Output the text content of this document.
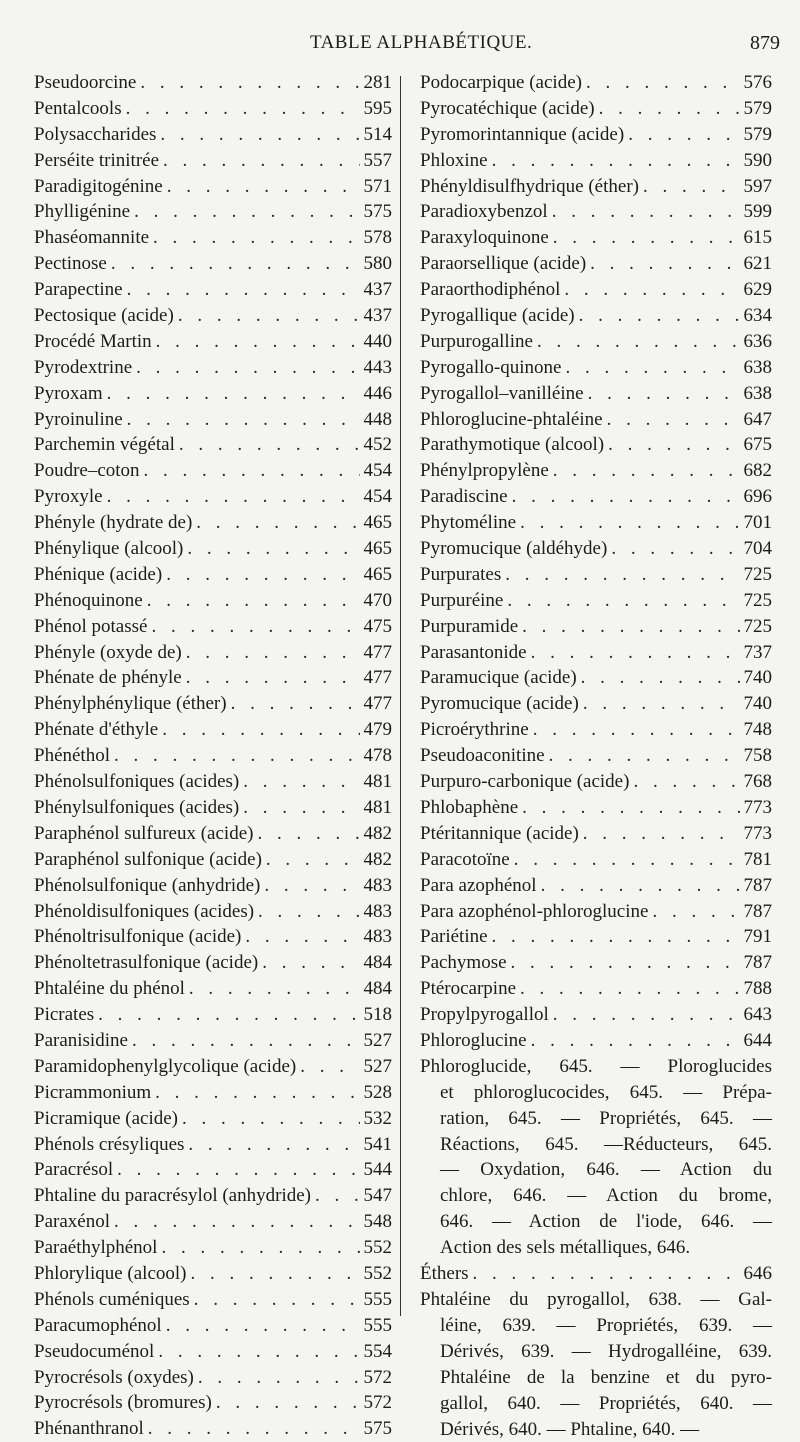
TABLE ALPHABÉTIQUE.	879
Pseudoorcine . . .	281
Pentalcools . . .	595
Polysaccharides . . .	514
Perséite trinitrée . . .	557
Paradigitogénine . . .	571
Phylligénine . . .	575
Phaséomannite . . .	578
Pectinose . . .	580
Parapectine . . .	437
Pectosique (acide) . . .	437
Procédé Martin . . .	440
Pyrodextrine . . .	443
Pyroxam . . .	446
Pyroinuline . . .	448
Parchemin végétal . . .	452
Poudre–coton . . .	454
Pyroxyle . . .	454
Phényle (hydrate de) . . .	465
Phénylique (alcool) . . .	465
Phénique (acide) . . .	465
Phénoquinone . . .	470
Phénol potassé . . .	475
Phényle (oxyde de) . . .	477
Phénate de phényle . . .	477
Phénylphénylique (éther) . . .	477
Phénate d'éthyle . . .	479
Phénéthol . . .	478
Phénolsulfoniques (acides) . . .	481
Phénylsulfoniques (acides) . . .	481
Paraphénol sulfureux (acide) . . .	482
Paraphénol sulfonique (acide) . . .	482
Phénolsulfonique (anhydride) . . .	483
Phénoldisulfoniques (acides) . . .	483
Phénoltrisulfonique (acide) . . .	483
Phénoltetrasulfonique (acide) . . .	484
Phtaléine du phénol . . .	484
Picrates . . .	518
Paranisidine . . .	527
Paramidophenylglycolique (acide) . . .	527
Picrammonium . . .	528
Picramique (acide) . . .	532
Phénols crésyliques . . .	541
Paracrésol . . .	544
Phtaline du paracrésylol (anhydride) . . .	547
Paraxénol . . .	548
Paraéthylphénol . . .	552
Phlorylique (alcool) . . .	552
Phénols cuméniques . . .	555
Paracumophénol . . .	555
Pseudocuménol . . .	554
Pyrocrésols (oxydes) . . .	572
Pyrocrésols (bromures) . . .	572
Phénanthranol . . .	575
Podocarpique (acide) . . .	576
Pyrocatéchique (acide) . . .	579
Pyromorintannique (acide) . . .	579
Phloxine . . .	590
Phényldisulfhydrique (éther) . . .	597
Paradioxybenzol . . .	599
Paraxyloquinone . . .	615
Paraorsellique (acide) . . .	621
Paraorthodiphénol . . .	629
Pyrogallique (acide) . . .	634
Purpurogalline . . .	636
Pyrogallo-quinone . . .	638
Pyrogallol–vanilléine . . .	638
Phloroglucine-phtaléine . . .	647
Parathymotique (alcool) . . .	675
Phénylpropylène . . .	682
Paradiscine . . .	696
Phytoméline . . .	701
Pyromucique (aldéhyde) . . .	704
Purpurates . . .	725
Purpuréine . . .	725
Purpuramide . . .	725
Parasantonide . . .	737
Paramucique (acide) . . .	740
Pyromucique (acide) . . .	740
Picroérythrine . . .	748
Pseudoaconitine . . .	758
Purpuro-carbonique (acide) . . .	768
Phlobaphène . . .	773
Ptéritannique (acide) . . .	773
Paracotoïne . . .	781
Para azophénol . . .	787
Para azophénol-phloroglucine . . .	787
Pariétine . . .	791
Pachymose . . .	787
Ptérocarpine . . .	788
Propylpyrogallol . . .	643
Phloroglucine . . .	644
Phloroglucide, 645. — Ploroglucides
et phloroglucocides, 645. — Prépa-
ration, 645. — Propriétés, 645. —
Réactions, 645. —Réducteurs, 645.
— Oxydation, 646. — Action du
chlore, 646. — Action du brome,
646. — Action de l'iode, 646. —
Action des sels métalliques, 646.
Éthers . . .	646
Phtaléine du pyrogallol, 638. — Gal-
léine, 639. — Propriétés, 639. —
Dérivés, 639. — Hydrogalléine, 639.
Phtaléine de la benzine et du pyro-
gallol, 640. — Propriétés, 640. —
Dérivés, 640. — Phtaline, 640. —
